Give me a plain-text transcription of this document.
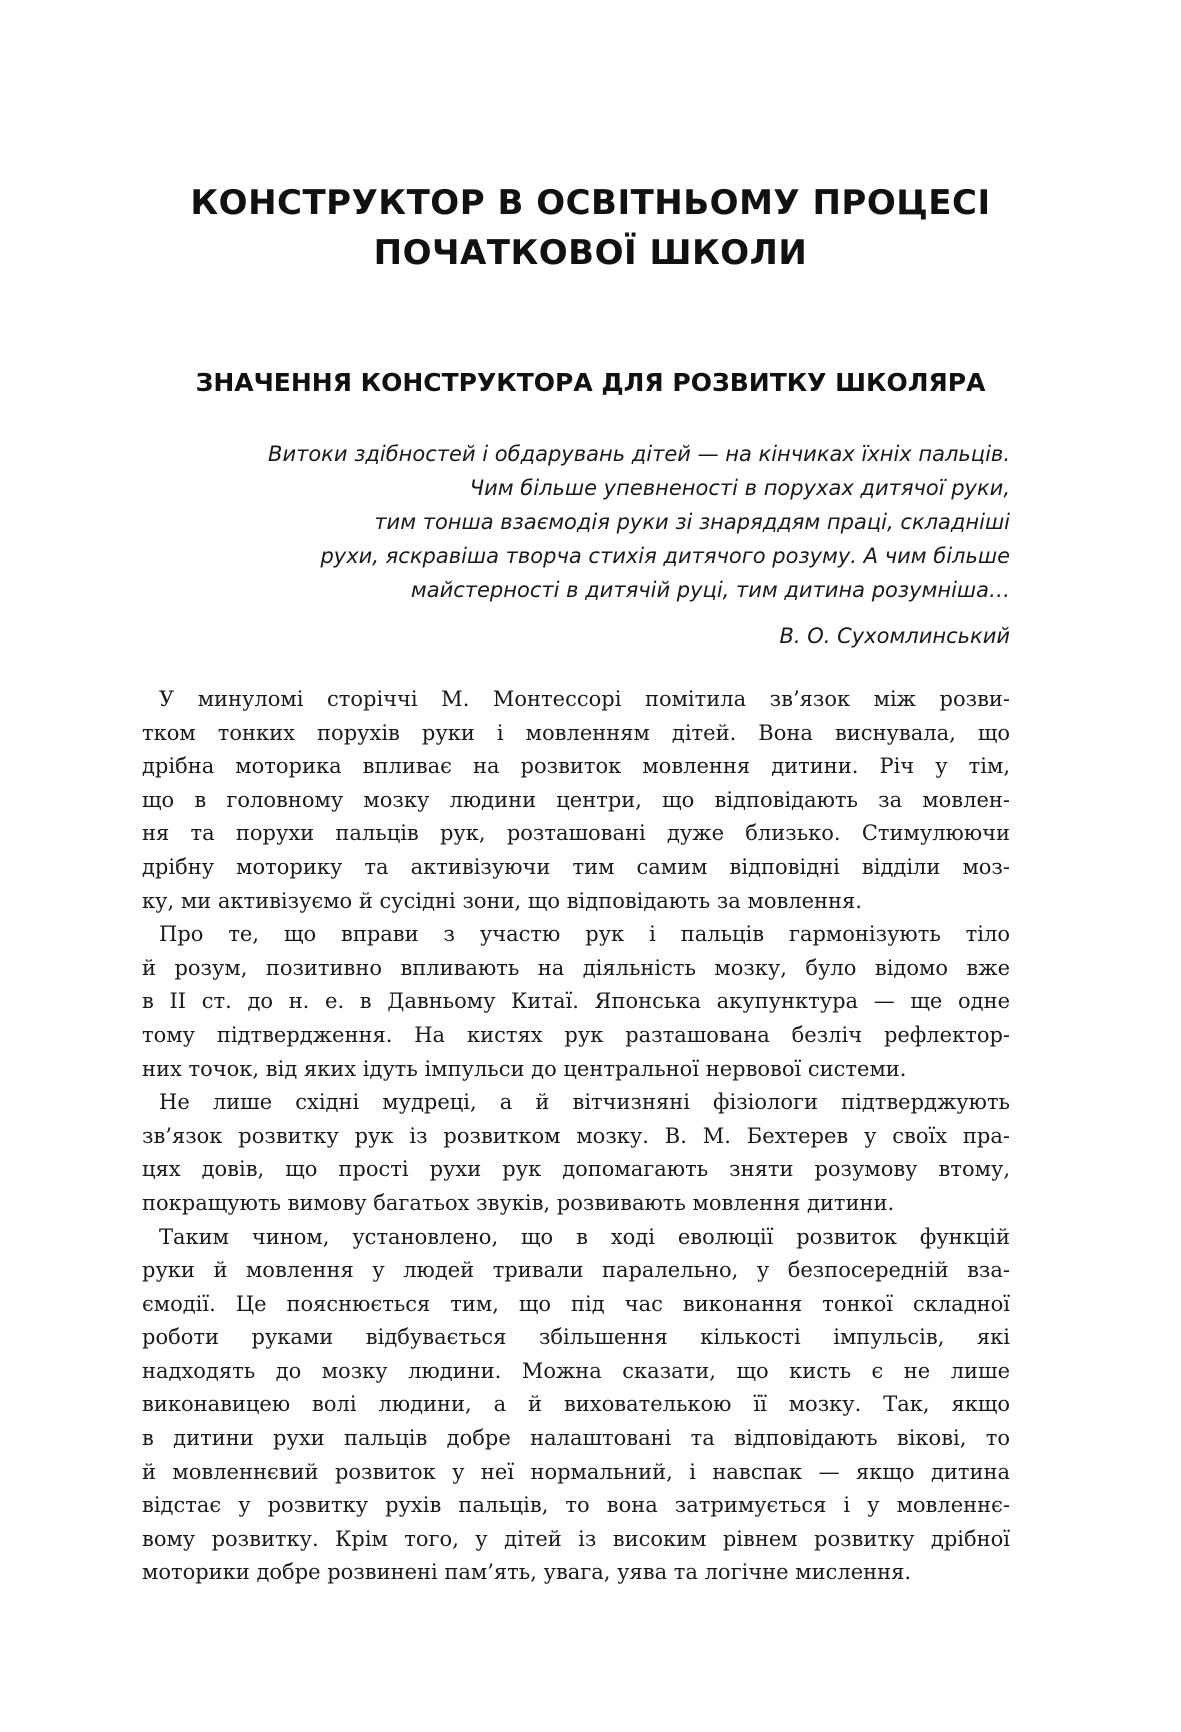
КОНСТРУКТОР В ОСВІТНЬОМУ ПРОЦЕСІ
ПОЧАТКОВОЇ ШКОЛИ
ЗНАЧЕННЯ КОНСТРУКТОРА ДЛЯ РОЗВИТКУ ШКОЛЯРА
Витоки здібностей і обдарувань дітей — на кінчиках їхніх пальців.
Чим більше упевненості в порухах дитячої руки,
тим тонша взаємодія руки зі знаряддям праці, складніші
рухи, яскравіша творча стихія дитячого розуму. А чим більше
майстерності в дитячій руці, тим дитина розумніша…
В. О. Сухомлинський
У минуломі сторіччі М. Монтессорі помітила зв’язок між розви-
тком тонких порухів руки і мовленням дітей. Вона виснувала, що
дрібна моторика впливає на розвиток мовлення дитини. Річ у тім,
що в головному мозку людини центри, що відповідають за мовлен-
ня та порухи пальців рук, розташовані дуже близько. Стимулюючи
дрібну моторику та активізуючи тим самим відповідні відділи моз-
ку, ми активізуємо й сусідні зони, що відповідають за мовлення.
Про те, що вправи з участю рук і пальців гармонізують тіло
й розум, позитивно впливають на діяльність мозку, було відомо вже
в II ст. до н. е. в Давньому Китаї. Японська акупунктура — ще одне
тому підтвердження. На кистях рук разташована безліч рефлектор-
них точок, від яких ідуть імпульси до центральної нервової системи.
Не лише східні мудреці, а й вітчизняні фізіологи підтверджують
зв’язок розвитку рук із розвитком мозку. В. М. Бехтерев у своїх пра-
цях довів, що прості рухи рук допомагають зняти розумову втому,
покращують вимову багатьох звуків, розвивають мовлення дитини.
Таким чином, установлено, що в ході еволюції розвиток функцій
руки й мовлення у людей тривали паралельно, у безпосередній вза-
ємодії. Це пояснюється тим, що під час виконання тонкої складної
роботи руками відбувається збільшення кількості імпульсів, які
надходять до мозку людини. Можна сказати, що кисть є не лише
виконавицею волі людини, а й вихователькою її мозку. Так, якщо
в дитини рухи пальців добре налаштовані та відповідають вікові, то
й мовленнєвий розвиток у неї нормальний, і навспак — якщо дитина
відстає у розвитку рухів пальців, то вона затримується і у мовленнє-
вому розвитку. Крім того, у дітей із високим рівнем розвитку дрібної
моторики добре розвинені пам’ять, увага, уява та логічне мислення.
